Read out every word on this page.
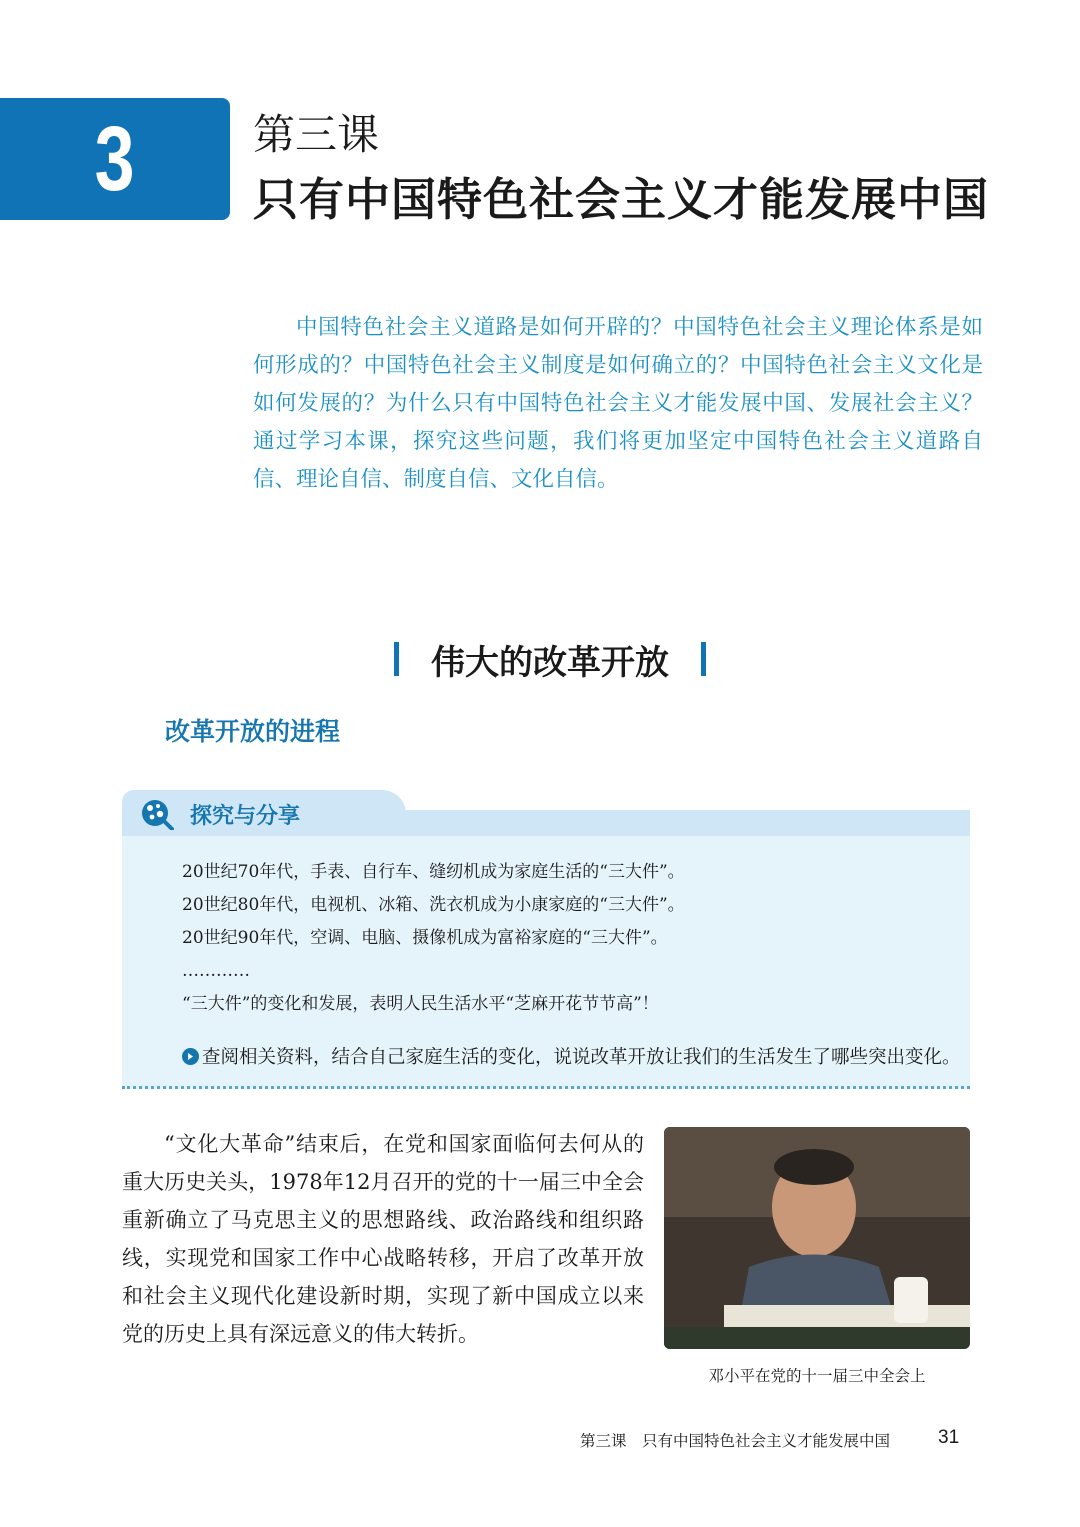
3	第三课
只有中国特色社会主义才能发展中国
中国特色社会主义道路是如何开辟的？中国特色社会主义理论体系是如何形成的？中国特色社会主义制度是如何确立的？中国特色社会主义文化是如何发展的？为什么只有中国特色社会主义才能发展中国、发展社会主义？通过学习本课，探究这些问题，我们将更加坚定中国特色社会主义道路自信、理论自信、制度自信、文化自信。
伟大的改革开放
改革开放的进程
探究与分享
20世纪70年代，手表、自行车、缝纫机成为家庭生活的“三大件”。
20世纪80年代，电视机、冰箱、洗衣机成为小康家庭的“三大件”。
20世纪90年代，空调、电脑、摄像机成为富裕家庭的“三大件”。
…………
“三大件”的变化和发展，表明人民生活水平“芝麻开花节节高”！
查阅相关资料，结合自己家庭生活的变化，说说改革开放让我们的生活发生了哪些突出变化。
“文化大革命”结束后，在党和国家面临何去何从的重大历史关头，1978年12月召开的党的十一届三中全会重新确立了马克思主义的思想路线、政治路线和组织路线，实现党和国家工作中心战略转移，开启了改革开放和社会主义现代化建设新时期，实现了新中国成立以来党的历史上具有深远意义的伟大转折。
邓小平在党的十一届三中全会上
第三课　只有中国特色社会主义才能发展中国	31
